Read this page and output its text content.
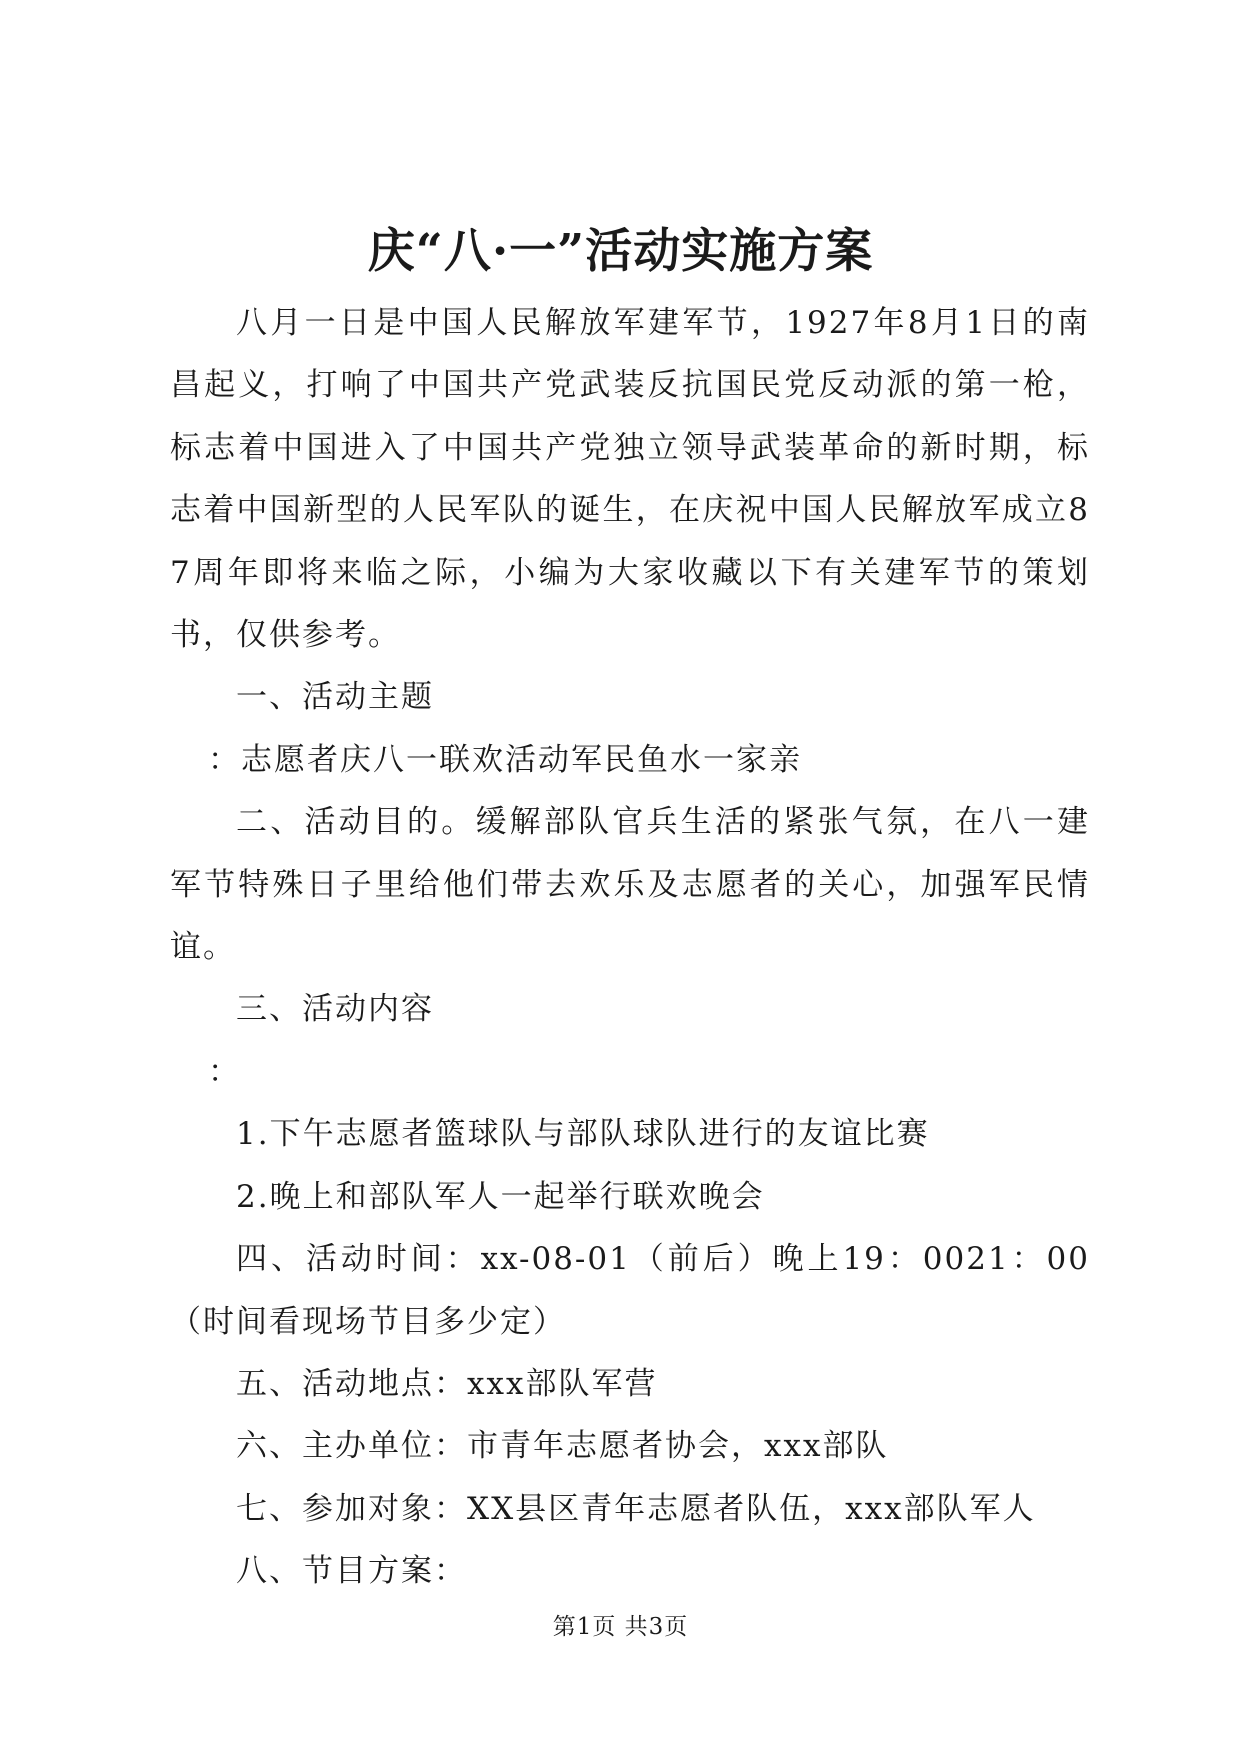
庆“八·一”活动实施方案

八月一日是中国人民解放军建军节，1927年8月1日的南昌起义，打响了中国共产党武装反抗国民党反动派的第一枪，标志着中国进入了中国共产党独立领导武装革命的新时期，标志着中国新型的人民军队的诞生，在庆祝中国人民解放军成立87周年即将来临之际，小编为大家收藏以下有关建军节的策划书，仅供参考。

一、活动主题

：志愿者庆八一联欢活动军民鱼水一家亲

二、活动目的。缓解部队官兵生活的紧张气氛，在八一建军节特殊日子里给他们带去欢乐及志愿者的关心，加强军民情谊。

三、活动内容

：

1.下午志愿者篮球队与部队球队进行的友谊比赛

2.晚上和部队军人一起举行联欢晚会

四、活动时间：xx-08-01（前后）晚上19：0021：00（时间看现场节目多少定）

五、活动地点：xxx部队军营

六、主办单位：市青年志愿者协会，xxx部队

七、参加对象：XX县区青年志愿者队伍，xxx部队军人

八、节目方案：

第1页 共3页
